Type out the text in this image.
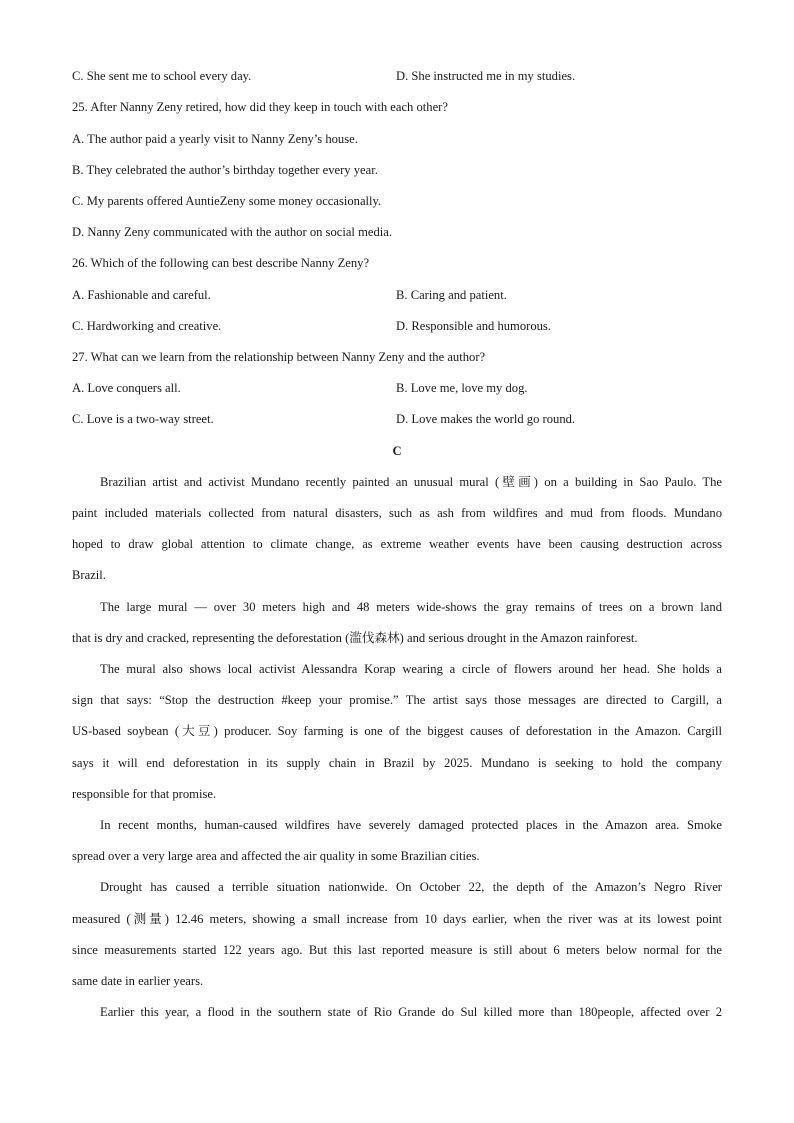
C. She sent me to school every day.	D. She instructed me in my studies.
25. After Nanny Zeny retired, how did they keep in touch with each other?
A. The author paid a yearly visit to Nanny Zeny’s house.
B. They celebrated the author’s birthday together every year.
C. My parents offered AuntieZeny some money occasionally.
D. Nanny Zeny communicated with the author on social media.
26. Which of the following can best describe Nanny Zeny?
A. Fashionable and careful.	B. Caring and patient.
C. Hardworking and creative.	D. Responsible and humorous.
27. What can we learn from the relationship between Nanny Zeny and the author?
A. Love conquers all.	B. Love me, love my dog.
C. Love is a two-way street.	D. Love makes the world go round.
C
Brazilian artist and activist Mundano recently painted an unusual mural (壁画) on a building in Sao Paulo. The
paint included materials collected from natural disasters, such as ash from wildfires and mud from floods. Mundano
hoped to draw global attention to climate change, as extreme weather events have been causing destruction across
Brazil.
The large mural — over 30 meters high and 48 meters wide-shows the gray remains of trees on a brown land
that is dry and cracked, representing the deforestation (滥伐森林) and serious drought in the Amazon rainforest.
The mural also shows local activist Alessandra Korap wearing a circle of flowers around her head. She holds a
sign that says: “Stop the destruction #keep your promise.” The artist says those messages are directed to Cargill, a
US-based soybean (大豆) producer. Soy farming is one of the biggest causes of deforestation in the Amazon. Cargill
says it will end deforestation in its supply chain in Brazil by 2025. Mundano is seeking to hold the company
responsible for that promise.
In recent months, human-caused wildfires have severely damaged protected places in the Amazon area. Smoke
spread over a very large area and affected the air quality in some Brazilian cities.
Drought has caused a terrible situation nationwide. On October 22, the depth of the Amazon’s Negro River
measured (测量) 12.46 meters, showing a small increase from 10 days earlier, when the river was at its lowest point
since measurements started 122 years ago. But this last reported measure is still about 6 meters below normal for the
same date in earlier years.
Earlier this year, a flood in the southern state of Rio Grande do Sul killed more than 180people, affected over 2
